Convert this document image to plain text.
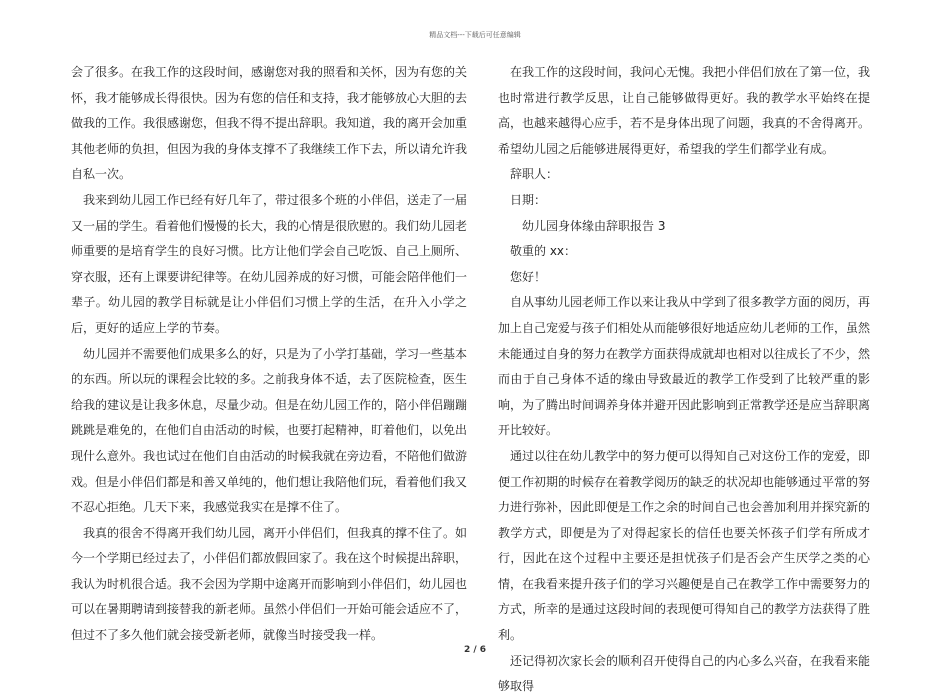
精品文档---下载后可任意编辑

会了很多。在我工作的这段时间，感谢您对我的照看和关怀，因为有您的关怀，我才能够成长得很快。因为有您的信任和支持，我才能够放心大胆的去做我的工作。我很感谢您，但我不得不提出辞职。我知道，我的离开会加重其他老师的负担，但因为我的身体支撑不了我继续工作下去，所以请允许我自私一次。

我来到幼儿园工作已经有好几年了，带过很多个班的小伴侣，送走了一届又一届的学生。看着他们慢慢的长大，我的心情是很欣慰的。我们幼儿园老师重要的是培育学生的良好习惯。比方让他们学会自己吃饭、自己上厕所、穿衣服，还有上课要讲纪律等。在幼儿园养成的好习惯，可能会陪伴他们一辈子。幼儿园的教学目标就是让小伴侣们习惯上学的生活，在升入小学之后，更好的适应上学的节奏。

幼儿园并不需要他们成果多么的好，只是为了小学打基础，学习一些基本的东西。所以玩的课程会比较的多。之前我身体不适，去了医院检查，医生给我的建议是让我多休息，尽量少动。但是在幼儿园工作的，陪小伴侣蹦蹦跳跳是难免的，在他们自由活动的时候，也要打起精神，盯着他们，以免出现什么意外。我也试过在他们自由活动的时候我就在旁边看，不陪他们做游戏。但是小伴侣们都是和善又单纯的，他们想让我陪他们玩，看着他们我又不忍心拒绝。几天下来，我感觉我实在是撑不住了。

我真的很舍不得离开我们幼儿园，离开小伴侣们，但我真的撑不住了。如今一个学期已经过去了，小伴侣们都放假回家了。我在这个时候提出辞职，我认为时机很合适。我不会因为学期中途离开而影响到小伴侣们，幼儿园也可以在暑期聘请到接替我的新老师。虽然小伴侣们一开始可能会适应不了，但过不了多久他们就会接受新老师，就像当时接受我一样。

在我工作的这段时间，我问心无愧。我把小伴侣们放在了第一位，我也时常进行教学反思，让自己能够做得更好。我的教学水平始终在提高，也越来越得心应手，若不是身体出现了问题，我真的不舍得离开。希望幼儿园之后能够进展得更好，希望我的学生们都学业有成。

辞职人：

日期：

幼儿园身体缘由辞职报告 3

敬重的 xx：

您好！

自从事幼儿园老师工作以来让我从中学到了很多教学方面的阅历，再加上自己宠爱与孩子们相处从而能够很好地适应幼儿老师的工作，虽然未能通过自身的努力在教学方面获得成就却也相对以往成长了不少，然而由于自己身体不适的缘由导致最近的教学工作受到了比较严重的影响，为了腾出时间调养身体并避开因此影响到正常教学还是应当辞职离开比较好。

通过以往在幼儿教学中的努力便可以得知自己对这份工作的宠爱，即便工作初期的时候存在着教学阅历的缺乏的状况却也能够通过平常的努力进行弥补，因此即便是工作之余的时间自己也会善加利用并探究新的教学方式，即便是为了对得起家长的信任也要关怀孩子们学有所成才行，因此在这个过程中主要还是担忧孩子们是否会产生厌学之类的心情，在我看来提升孩子们的学习兴趣便是自己在教学工作中需要努力的方式，所幸的是通过这段时间的表现便可得知自己的教学方法获得了胜利。

还记得初次家长会的顺利召开使得自己的内心多么兴奋，在我看来能够取得

2 / 6
